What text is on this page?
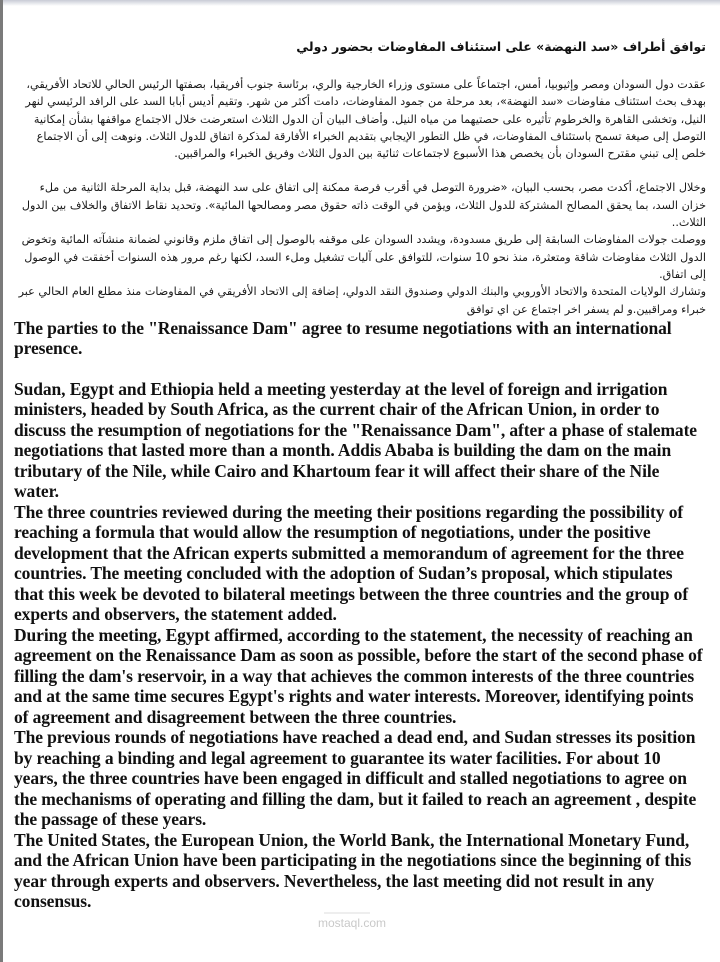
توافق أطراف «سد النهضة» على استئناف المفاوضات بحضور دولي

عقدت دول السودان ومصر وإثيوبيا، أمس، اجتماعاً على مستوى وزراء الخارجية والري، برئاسة جنوب أفريقيا، بصفتها الرئيس الحالي للاتحاد الأفريقي، بهدف بحث استئناف مفاوضات «سد النهضة»، بعد مرحلة من جمود المفاوضات، دامت أكثر من شهر. وتقيم أديس أبابا السد على الرافد الرئيسي لنهر النيل، وتخشى القاهرة والخرطوم تأثيره على حصتيهما من مياه النيل. وأضاف البيان أن الدول الثلاث استعرضت خلال الاجتماع مواقفها بشأن إمكانية التوصل إلى صيغة تسمح باستئناف المفاوضات، في ظل التطور الإيجابي بتقديم الخبراء الأفارقة لمذكرة اتفاق للدول الثلاث. ونوهت إلى أن الاجتماع خلص إلى تبني مقترح السودان بأن يخصص هذا الأسبوع لاجتماعات ثنائية بين الدول الثلاث وفريق الخبراء والمراقبين.

وخلال الاجتماع، أكدت مصر، بحسب البيان، «ضرورة التوصل في أقرب فرصة ممكنة إلى اتفاق على سد النهضة، قبل بداية المرحلة الثانية من ملء خزان السد، بما يحقق المصالح المشتركة للدول الثلاث، ويؤمن في الوقت ذاته حقوق مصر ومصالحها المائية». وتحديد نقاط الاتفاق والخلاف بين الدول الثلاث..

ووصلت جولات المفاوضات السابقة إلى طريق مسدودة، ويشدد السودان على موقفه بالوصول إلى اتفاق ملزم وقانوني لضمانة منشآته المائية وتخوض الدول الثلاث مفاوضات شاقة ومتعثرة، منذ نحو 10 سنوات، للتوافق على آليات تشغيل وملء السد، لكنها رغم مرور هذه السنوات أخفقت في الوصول إلى اتفاق.

وتشارك الولايات المتحدة والاتحاد الأوروبي والبنك الدولي وصندوق النقد الدولي، إضافة إلى الاتحاد الأفريقي في المفاوضات منذ مطلع العام الحالي عبر خبراء ومراقبين.و لم يسفر اخر اجتماع عن اي توافق

The parties to the "Renaissance Dam" agree to resume negotiations with an international presence.

Sudan, Egypt and Ethiopia held a meeting yesterday at the level of foreign and irrigation ministers, headed by South Africa, as the current chair of the African Union, in order to discuss the resumption of negotiations for the "Renaissance Dam", after a phase of stalemate negotiations that lasted more than a month. Addis Ababa is building the dam on the main tributary of the Nile, while Cairo and Khartoum fear it will affect their share of the Nile water.

The three countries reviewed during the meeting their positions regarding the possibility of reaching a formula that would allow the resumption of negotiations, under the positive development that the African experts submitted a memorandum of agreement for the three countries. The meeting concluded with the adoption of Sudan’s proposal, which stipulates that this week be devoted to bilateral meetings between the three countries and the group of experts and observers, the statement added.

During the meeting, Egypt affirmed, according to the statement, the necessity of reaching an agreement on the Renaissance Dam as soon as possible, before the start of the second phase of filling the dam's reservoir, in a way that achieves the common interests of the three countries and at the same time secures Egypt's rights and water interests. Moreover, identifying points of agreement and disagreement between the three countries.

The previous rounds of negotiations have reached a dead end, and Sudan stresses its position by reaching a binding and legal agreement to guarantee its water facilities. For about 10 years, the three countries have been engaged in difficult and stalled negotiations to agree on the mechanisms of operating and filling the dam, but it failed to reach an agreement , despite the passage of these years.

The United States, the European Union, the World Bank, the International Monetary Fund, and the African Union have been participating in the negotiations since the beginning of this year through experts and observers. Nevertheless, the last meeting did not result in any consensus.

mostaql.com
